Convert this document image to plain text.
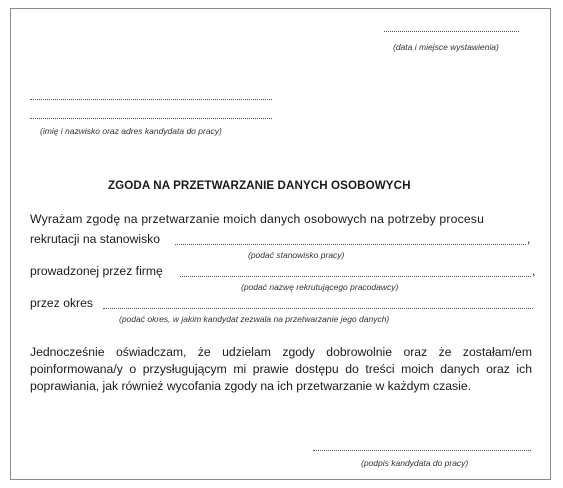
(data i miejsce wystawienia)
(imię i nazwisko oraz adres kandydata do pracy)
ZGODA NA PRZETWARZANIE DANYCH OSOBOWYCH
Wyrażam zgodę na przetwarzanie moich danych osobowych na potrzeby procesu
rekrutacji na stanowisko	,
(podać stanowisko pracy)
prowadzonej przez firmę	,
(podać nazwę rekrutującego pracodawcy)
przez okres
(podać okres, w jakim kandydat zezwala na przetwarzanie jego danych)
Jednocześnie oświadczam, że udzielam zgody dobrowolnie oraz że zostałam/em poinformowana/y o przysługującym mi prawie dostępu do treści moich danych oraz ich poprawiania, jak również wycofania zgody na ich przetwarzanie w każdym czasie.
(podpis kandydata do pracy)
